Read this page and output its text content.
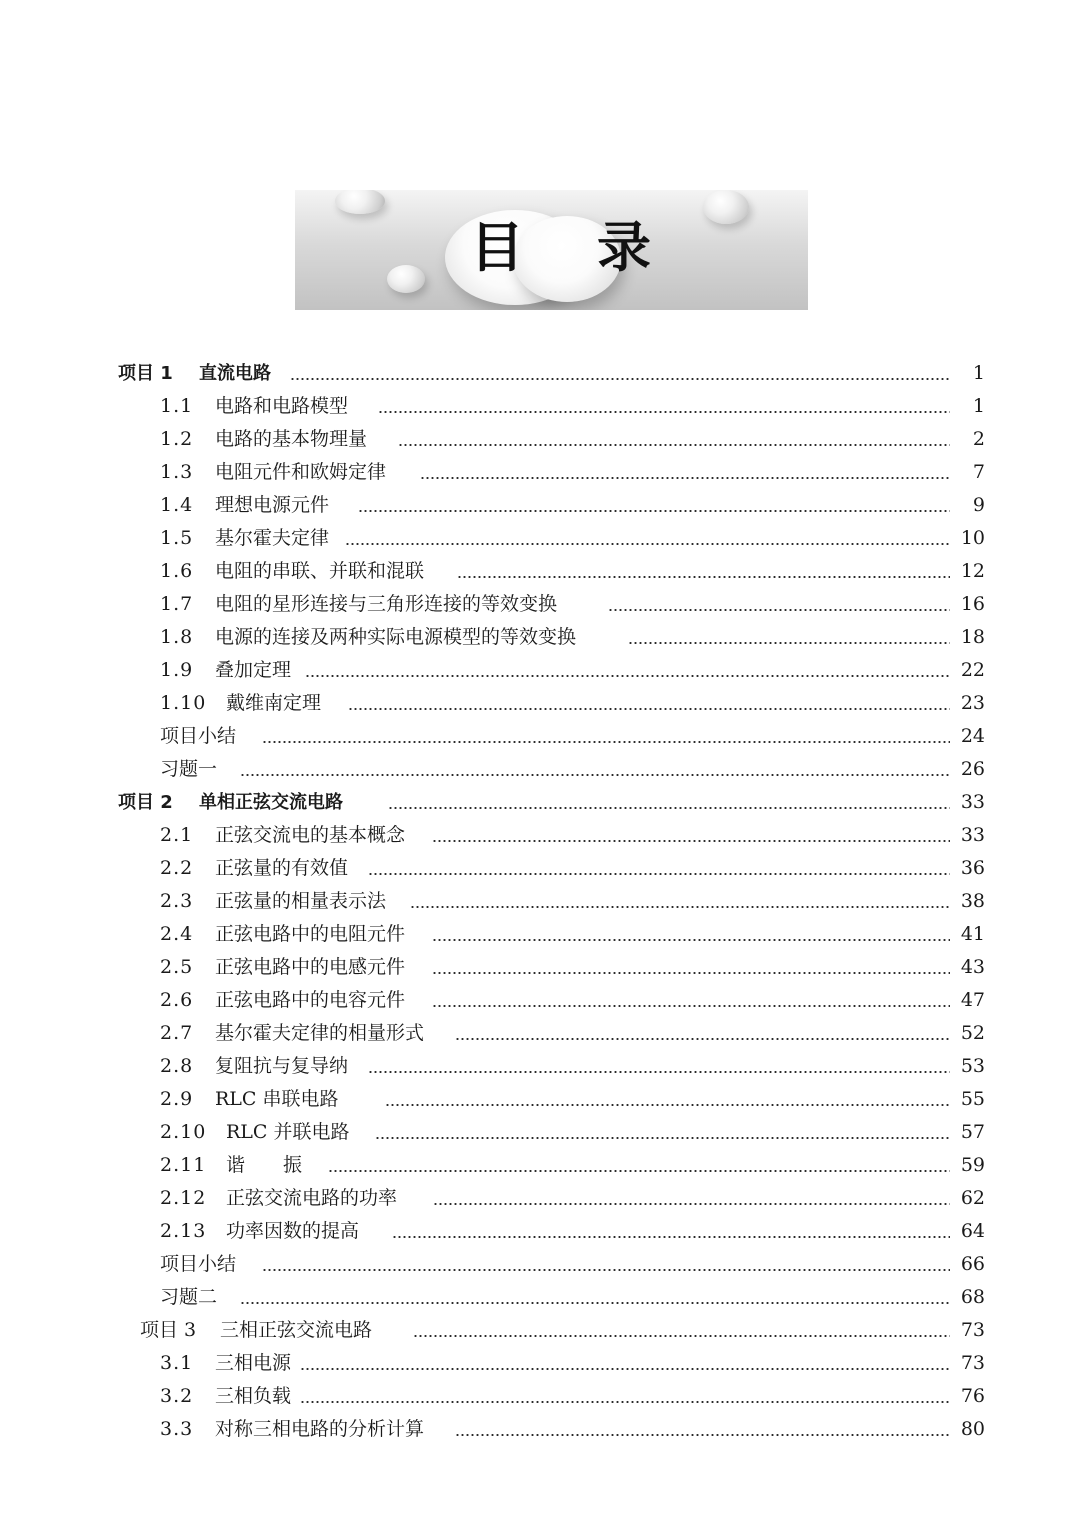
目 录
项目 1 直流电路	1
1.1 电路和电路模型	1
1.2 电路的基本物理量	2
1.3 电阻元件和欧姆定律	7
1.4 理想电源元件	9
1.5 基尔霍夫定律	10
1.6 电阻的串联、并联和混联	12
1.7 电阻的星形连接与三角形连接的等效变换	16
1.8 电源的连接及两种实际电源模型的等效变换	18
1.9 叠加定理	22
1.10 戴维南定理	23
项目小结	24
习题一	26
项目 2 单相正弦交流电路	33
2.1 正弦交流电的基本概念	33
2.2 正弦量的有效值	36
2.3 正弦量的相量表示法	38
2.4 正弦电路中的电阻元件	41
2.5 正弦电路中的电感元件	43
2.6 正弦电路中的电容元件	47
2.7 基尔霍夫定律的相量形式	52
2.8 复阻抗与复导纳	53
2.9 RLC 串联电路	55
2.10 RLC 并联电路	57
2.11 谐　　振	59
2.12 正弦交流电路的功率	62
2.13 功率因数的提高	64
项目小结	66
习题二	68
项目 3 三相正弦交流电路	73
3.1 三相电源	73
3.2 三相负载	76
3.3 对称三相电路的分析计算	80
